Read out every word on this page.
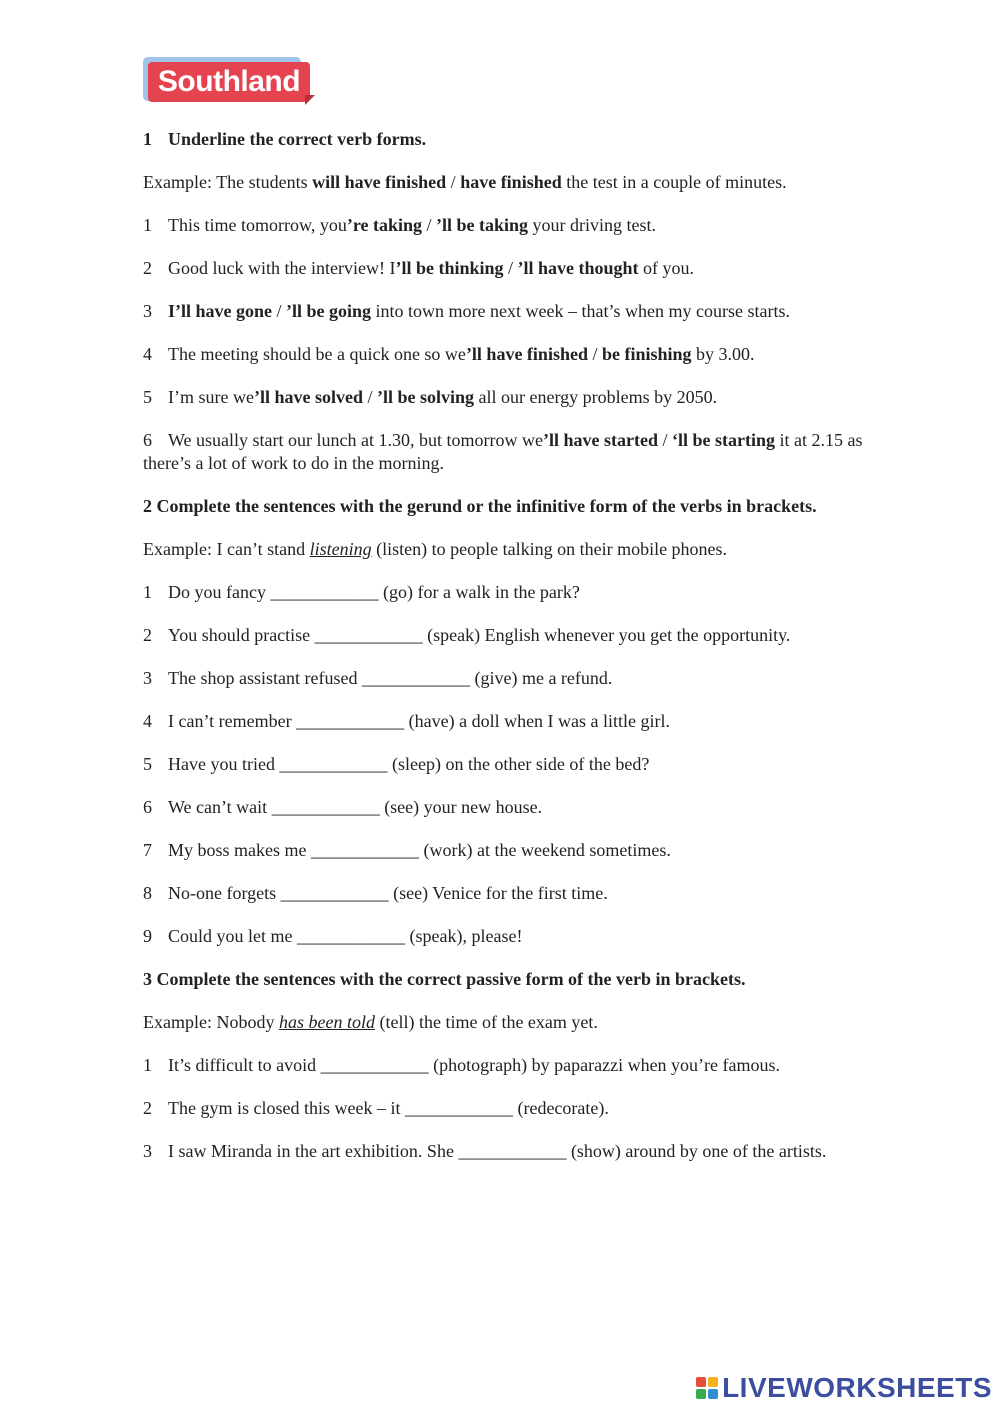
Southland

1 Underline the correct verb forms.

Example: The students will have finished / have finished the test in a couple of minutes.

1 This time tomorrow, you’re taking / ’ll be taking your driving test.

2 Good luck with the interview! I’ll be thinking / ’ll have thought of you.

3 I’ll have gone / ’ll be going into town more next week – that’s when my course starts.

4 The meeting should be a quick one so we’ll have finished / be finishing by 3.00.

5 I’m sure we’ll have solved / ’ll be solving all our energy problems by 2050.

6 We usually start our lunch at 1.30, but tomorrow we’ll have started / ‘ll be starting it at 2.15 as there’s a lot of work to do in the morning.

2 Complete the sentences with the gerund or the infinitive form of the verbs in brackets.

Example: I can’t stand listening (listen) to people talking on their mobile phones.

1 Do you fancy ____________ (go) for a walk in the park?

2 You should practise ____________ (speak) English whenever you get the opportunity.

3 The shop assistant refused ____________ (give) me a refund.

4 I can’t remember ____________ (have) a doll when I was a little girl.

5 Have you tried ____________ (sleep) on the other side of the bed?

6 We can’t wait ____________ (see) your new house.

7 My boss makes me ____________ (work) at the weekend sometimes.

8 No-one forgets ____________ (see) Venice for the first time.

9 Could you let me ____________ (speak), please!

3 Complete the sentences with the correct passive form of the verb in brackets.

Example: Nobody has been told (tell) the time of the exam yet.

1 It’s difficult to avoid ____________ (photograph) by paparazzi when you’re famous.

2 The gym is closed this week – it ____________ (redecorate).

3 I saw Miranda in the art exhibition. She ____________ (show) around by one of the artists.

LIVEWORKSHEETS
